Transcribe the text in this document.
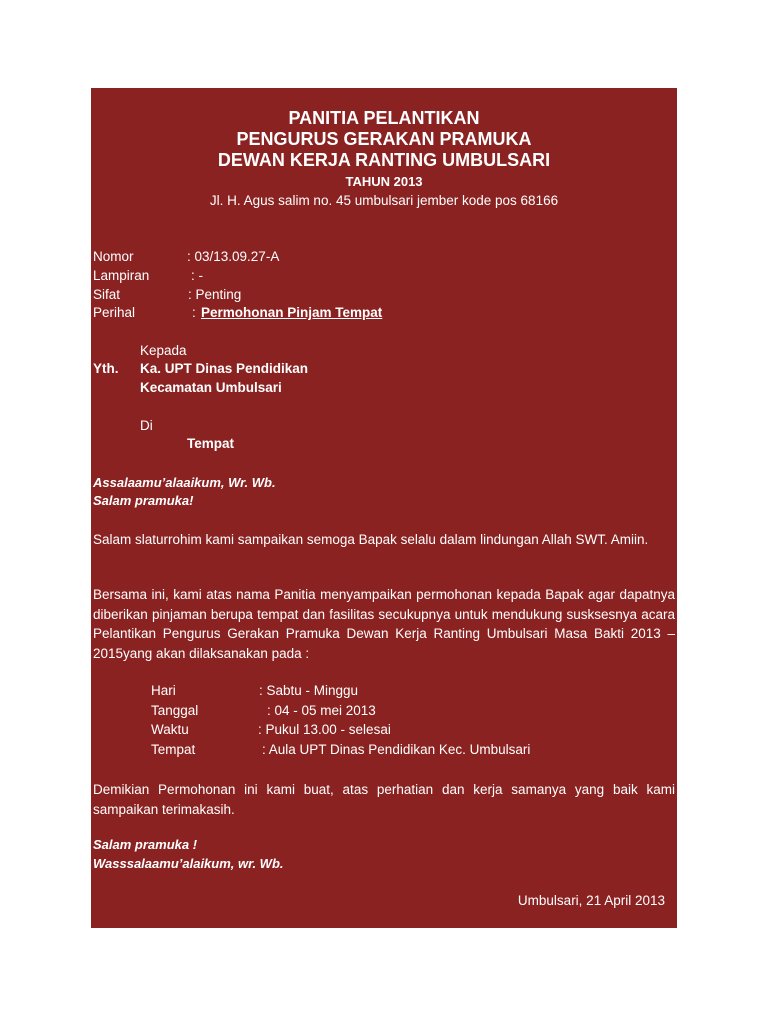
PANITIA PELANTIKAN
PENGURUS GERAKAN PRAMUKA
DEWAN KERJA RANTING UMBULSARI
TAHUN 2013
Jl. H. Agus salim no. 45 umbulsari jember kode pos 68166
Nomor	: 03/13.09.27-A
Lampiran	: -
Sifat	: Penting
Perihal	: Permohonan Pinjam Tempat
Kepada
Yth. Ka. UPT Dinas Pendidikan
Kecamatan Umbulsari
Di
Tempat
Assalaamu’alaaikum, Wr. Wb.
Salam pramuka!
Salam slaturrohim kami sampaikan semoga Bapak selalu dalam lindungan Allah SWT. Amiin.
Bersama ini, kami atas nama Panitia menyampaikan permohonan kepada Bapak agar dapatnya diberikan pinjaman berupa tempat dan fasilitas secukupnya untuk mendukung susksesnya acara Pelantikan Pengurus Gerakan Pramuka Dewan Kerja Ranting Umbulsari Masa Bakti 2013 – 2015yang akan dilaksanakan pada :
Hari	: Sabtu - Minggu
Tanggal	: 04 - 05 mei 2013
Waktu	: Pukul 13.00 - selesai
Tempat	: Aula UPT Dinas Pendidikan Kec. Umbulsari
Demikian Permohonan ini kami buat, atas perhatian dan kerja samanya yang baik kami sampaikan terimakasih.
Salam pramuka !
Wasssalaamu’alaikum, wr. Wb.
Umbulsari, 21 April 2013
